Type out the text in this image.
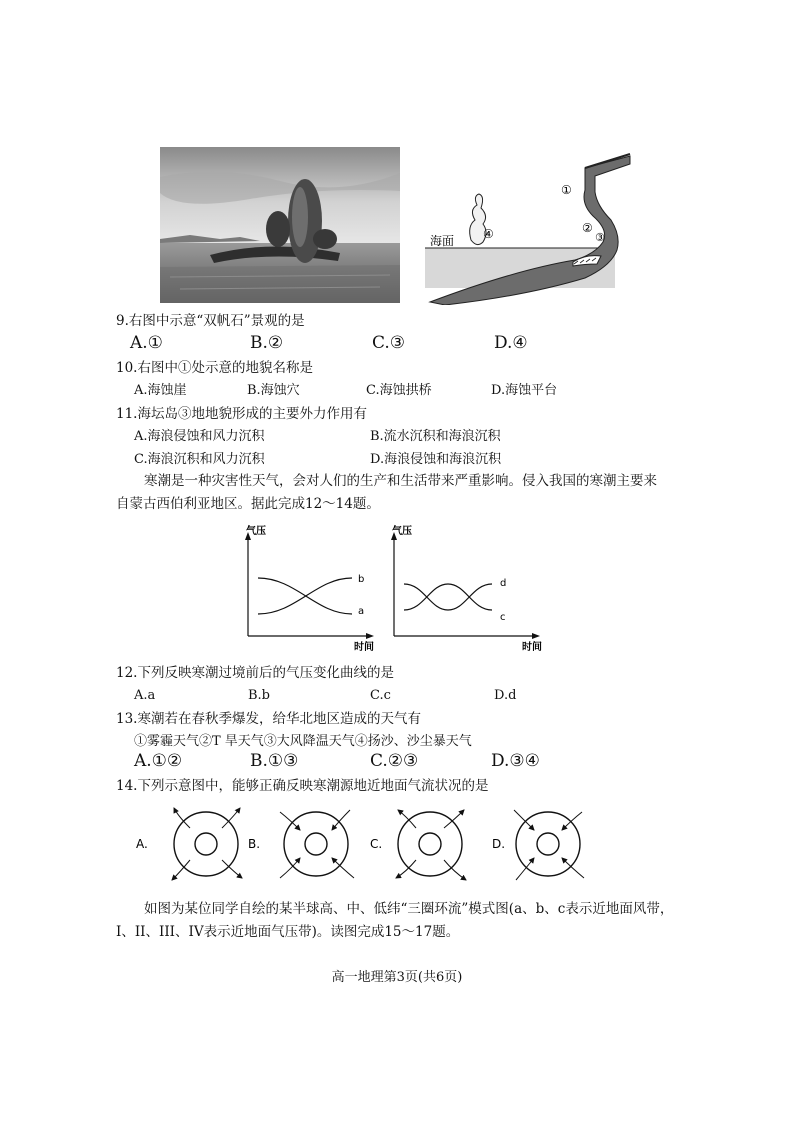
海面
①
②
③
④
9.右图中示意“双帆石”景观的是
A.①	B.②	C.③	D.④
10.右图中①处示意的地貌名称是
A.海蚀崖	B.海蚀穴	C.海蚀拱桥	D.海蚀平台
11.海坛岛③地地貌形成的主要外力作用有
A.海浪侵蚀和风力沉积	B.流水沉积和海浪沉积
C.海浪沉积和风力沉积	D.海浪侵蚀和海浪沉积
寒潮是一种灾害性天气，会对人们的生产和生活带来严重影响。侵入我国的寒潮主要来
自蒙古西伯利亚地区。据此完成12～14题。
气压
时间
b
a
气压
时间
d
c
12.下列反映寒潮过境前后的气压变化曲线的是
A.a	B.b	C.c	D.d
13.寒潮若在春秋季爆发，给华北地区造成的天气有
①雾霾天气②T 旱天气③大风降温天气④扬沙、沙尘暴天气
A.①②	B.①③	C.②③	D.③④
14.下列示意图中，能够正确反映寒潮源地近地面气流状况的是
A.	B.	C.	D.
如图为某位同学自绘的某半球高、中、低纬“三圈环流”模式图(a、b、c表示近地面风带，
I、II、III、IV表示近地面气压带)。读图完成15～17题。
高一地理第3页(共6页)
